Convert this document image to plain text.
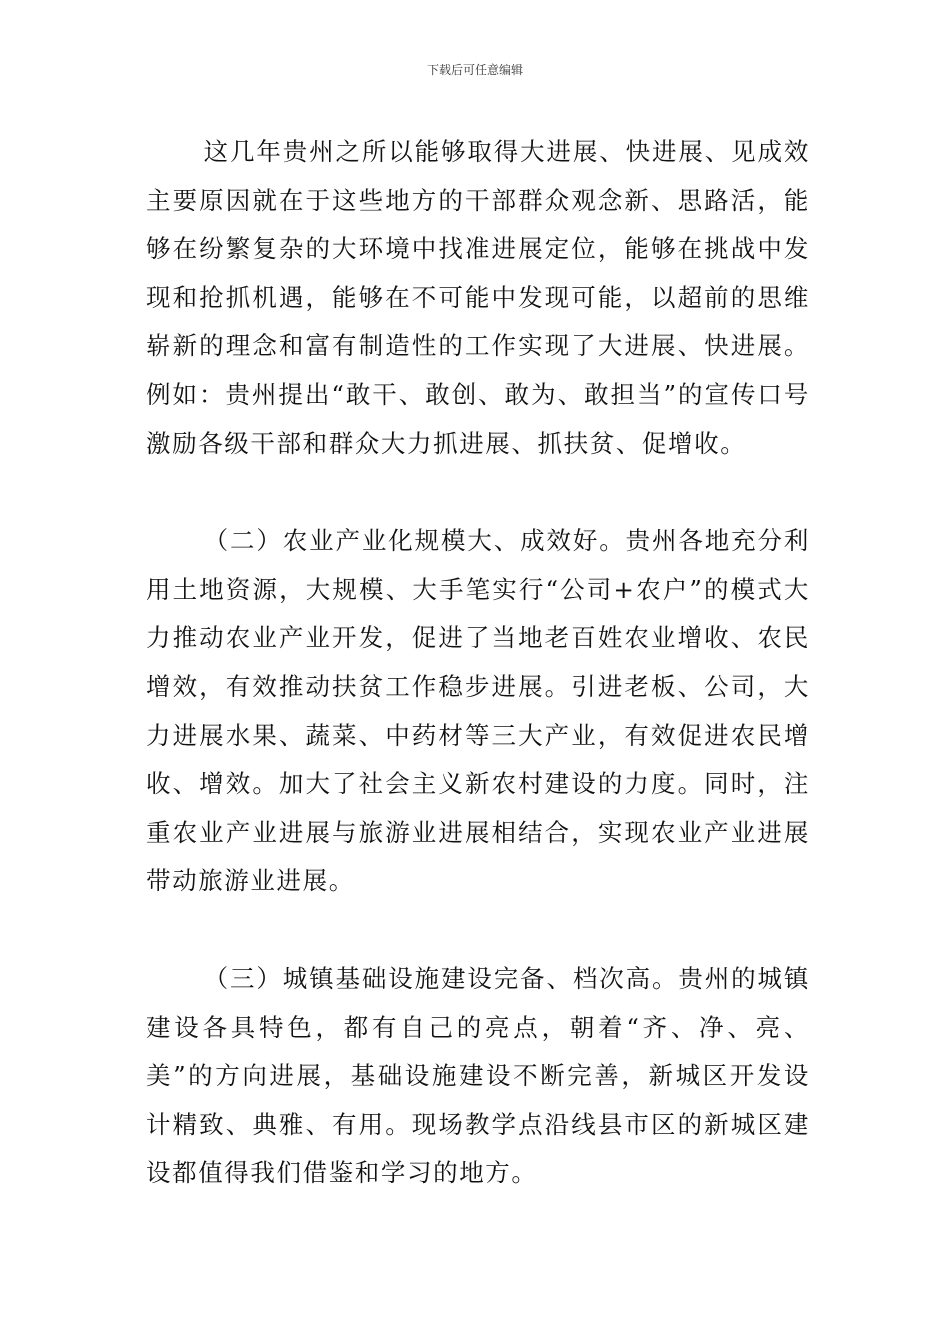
下载后可任意编辑

这几年贵州之所以能够取得大进展、快进展、见成效主要原因就在于这些地方的干部群众观念新、思路活，能够在纷繁复杂的大环境中找准进展定位，能够在挑战中发现和抢抓机遇，能够在不可能中发现可能，以超前的思维崭新的理念和富有制造性的工作实现了大进展、快进展。例如：贵州提出“敢干、敢创、敢为、敢担当”的宣传口号激励各级干部和群众大力抓进展、抓扶贫、促增收。

（二）农业产业化规模大、成效好。贵州各地充分利用土地资源，大规模、大手笔实行“公司+农户”的模式大力推动农业产业开发，促进了当地老百姓农业增收、农民增效，有效推动扶贫工作稳步进展。引进老板、公司，大力进展水果、蔬菜、中药材等三大产业，有效促进农民增收、增效。加大了社会主义新农村建设的力度。同时，注重农业产业进展与旅游业进展相结合，实现农业产业进展带动旅游业进展。

（三）城镇基础设施建设完备、档次高。贵州的城镇建设各具特色，都有自己的亮点，朝着“齐、净、亮、美”的方向进展，基础设施建设不断完善，新城区开发设计精致、典雅、有用。现场教学点沿线县市区的新城区建设都值得我们借鉴和学习的地方。
